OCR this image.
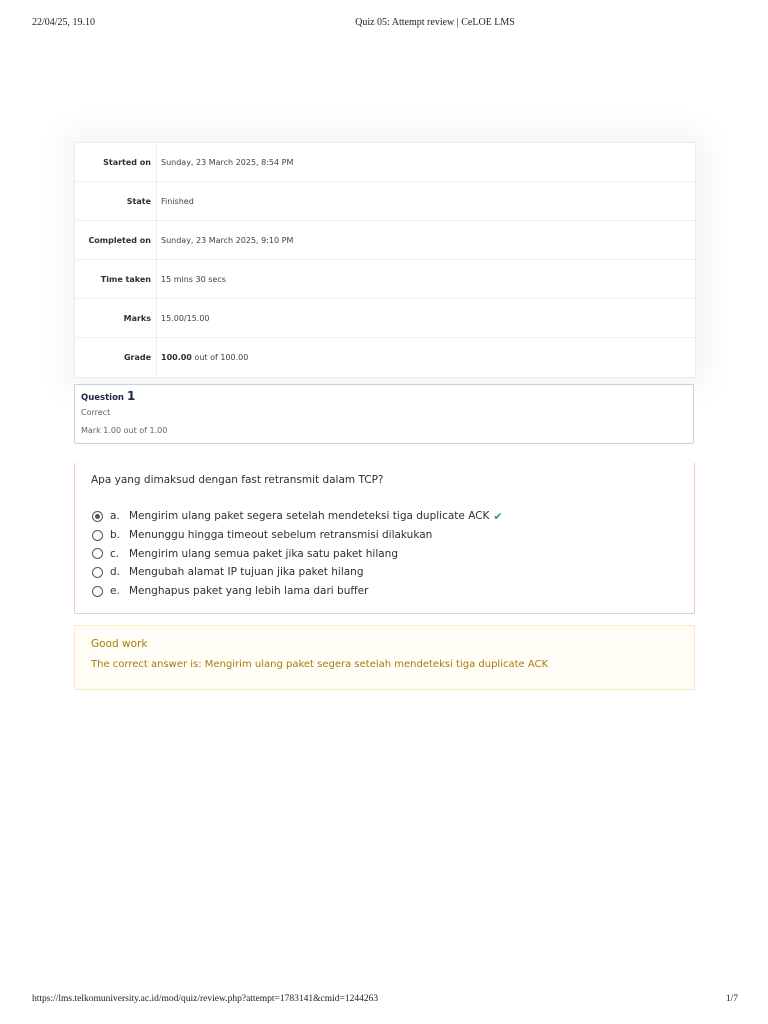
22/04/25, 19.10	Quiz 05: Attempt review | CeLOE LMS
Started on	Sunday, 23 March 2025, 8:54 PM
State	Finished
Completed on	Sunday, 23 March 2025, 9:10 PM
Time taken	15 mins 30 secs
Marks	15.00/15.00
Grade	100.00 out of 100.00
Question 1
Correct
Mark 1.00 out of 1.00
Apa yang dimaksud dengan fast retransmit dalam TCP?
a. Mengirim ulang paket segera setelah mendeteksi tiga duplicate ACK ✔
b. Menunggu hingga timeout sebelum retransmisi dilakukan
c. Mengirim ulang semua paket jika satu paket hilang
d. Mengubah alamat IP tujuan jika paket hilang
e. Menghapus paket yang lebih lama dari buffer
Good work
The correct answer is: Mengirim ulang paket segera setelah mendeteksi tiga duplicate ACK
https://lms.telkomuniversity.ac.id/mod/quiz/review.php?attempt=1783141&cmid=1244263	1/7
